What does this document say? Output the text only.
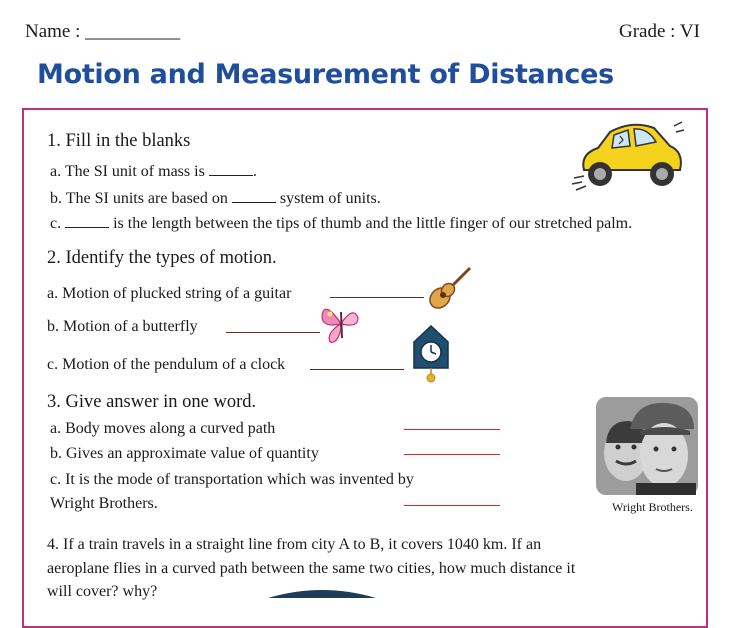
Name : __________	Grade : VI
Motion and Measurement of Distances
1. Fill in the blanks
a. The SI unit of mass is	.
b. The SI units are based on	system of units.
c.	is the length between the tips of thumb and the little finger of our stretched palm.
2. Identify the types of motion.
a. Motion of plucked string of a guitar
b. Motion of a butterfly
c. Motion of the pendulum of a clock
3. Give answer in one word.
a. Body moves along a curved path
b. Gives an approximate value of quantity
c. It is the mode of transportation which was invented by
Wright Brothers.	Wright Brothers.
4. If a train travels in a straight line from city A to B, it covers 1040 km. If an
aeroplane flies in a curved path between the same two cities, how much distance it
will cover? why?
